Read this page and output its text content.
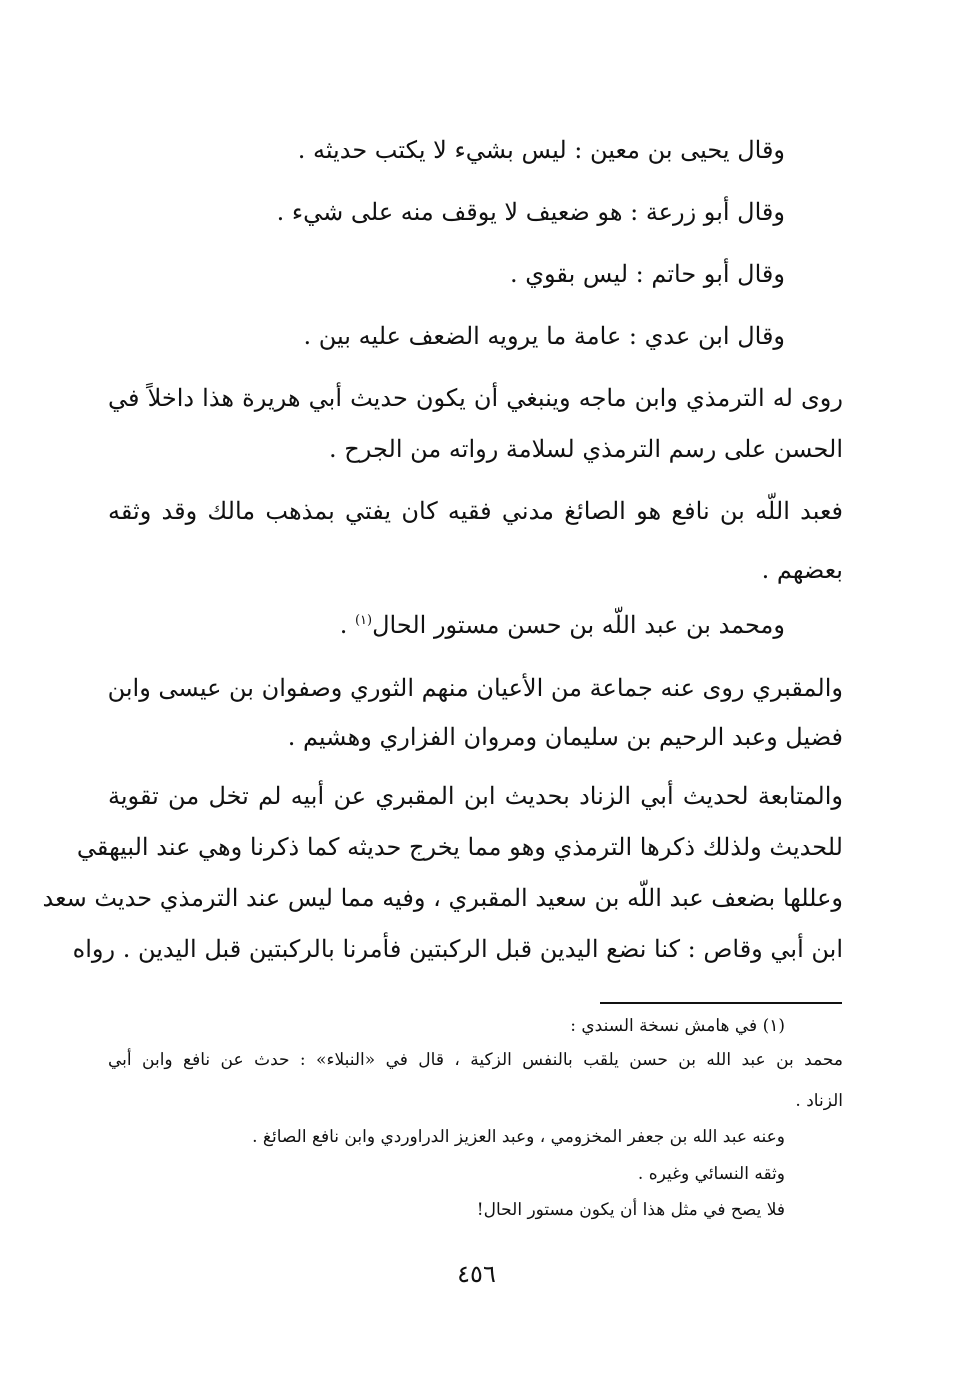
وقال يحيى بن معين : ليس بشيء لا يكتب حديثه .
وقال أبو زرعة : هو ضعيف لا يوقف منه على شيء .
وقال أبو حاتم : ليس بقوي .
وقال ابن عدي : عامة ما يرويه الضعف عليه بين .
روى له الترمذي وابن ماجه وينبغي أن يكون حديث أبي هريرة هذا داخلاً في
الحسن على رسم الترمذي لسلامة رواته من الجرح .
فعبد اللّه بن نافع هو الصائغ مدني فقيه كان يفتي بمذهب مالك وقد وثقه
بعضهم .
ومحمد بن عبد اللّه بن حسن مستور الحال$^{(١)}$ .
والمقبري روى عنه جماعة من الأعيان منهم الثوري وصفوان بن عيسى وابن
فضيل وعبد الرحيم بن سليمان ومروان الفزاري وهشيم .
والمتابعة لحديث أبي الزناد بحديث ابن المقبري عن أبيه لم تخل من تقوية
للحديث ولذلك ذكرها الترمذي وهو مما يخرج حديثه كما ذكرنا وهي عند البيهقي
وعللها بضعف عبد اللّه بن سعيد المقبري ، وفيه مما ليس عند الترمذي حديث سعد
ابن أبي وقاص : كنا نضع اليدين قبل الركبتين فأمرنا بالركبتين قبل اليدين . رواه
(١) في هامش نسخة السندي :
محمد بن عبد الله بن حسن يلقب بالنفس الزكية ، قال في «النبلاء» : حدث عن نافع وابن أبي
الزناد .
وعنه عبد الله بن جعفر المخزومي ، وعبد العزيز الدراوردي وابن نافع الصائغ .
وثقه النسائي وغيره .
فلا يصح في مثل هذا أن يكون مستور الحال!
٤٥٦
